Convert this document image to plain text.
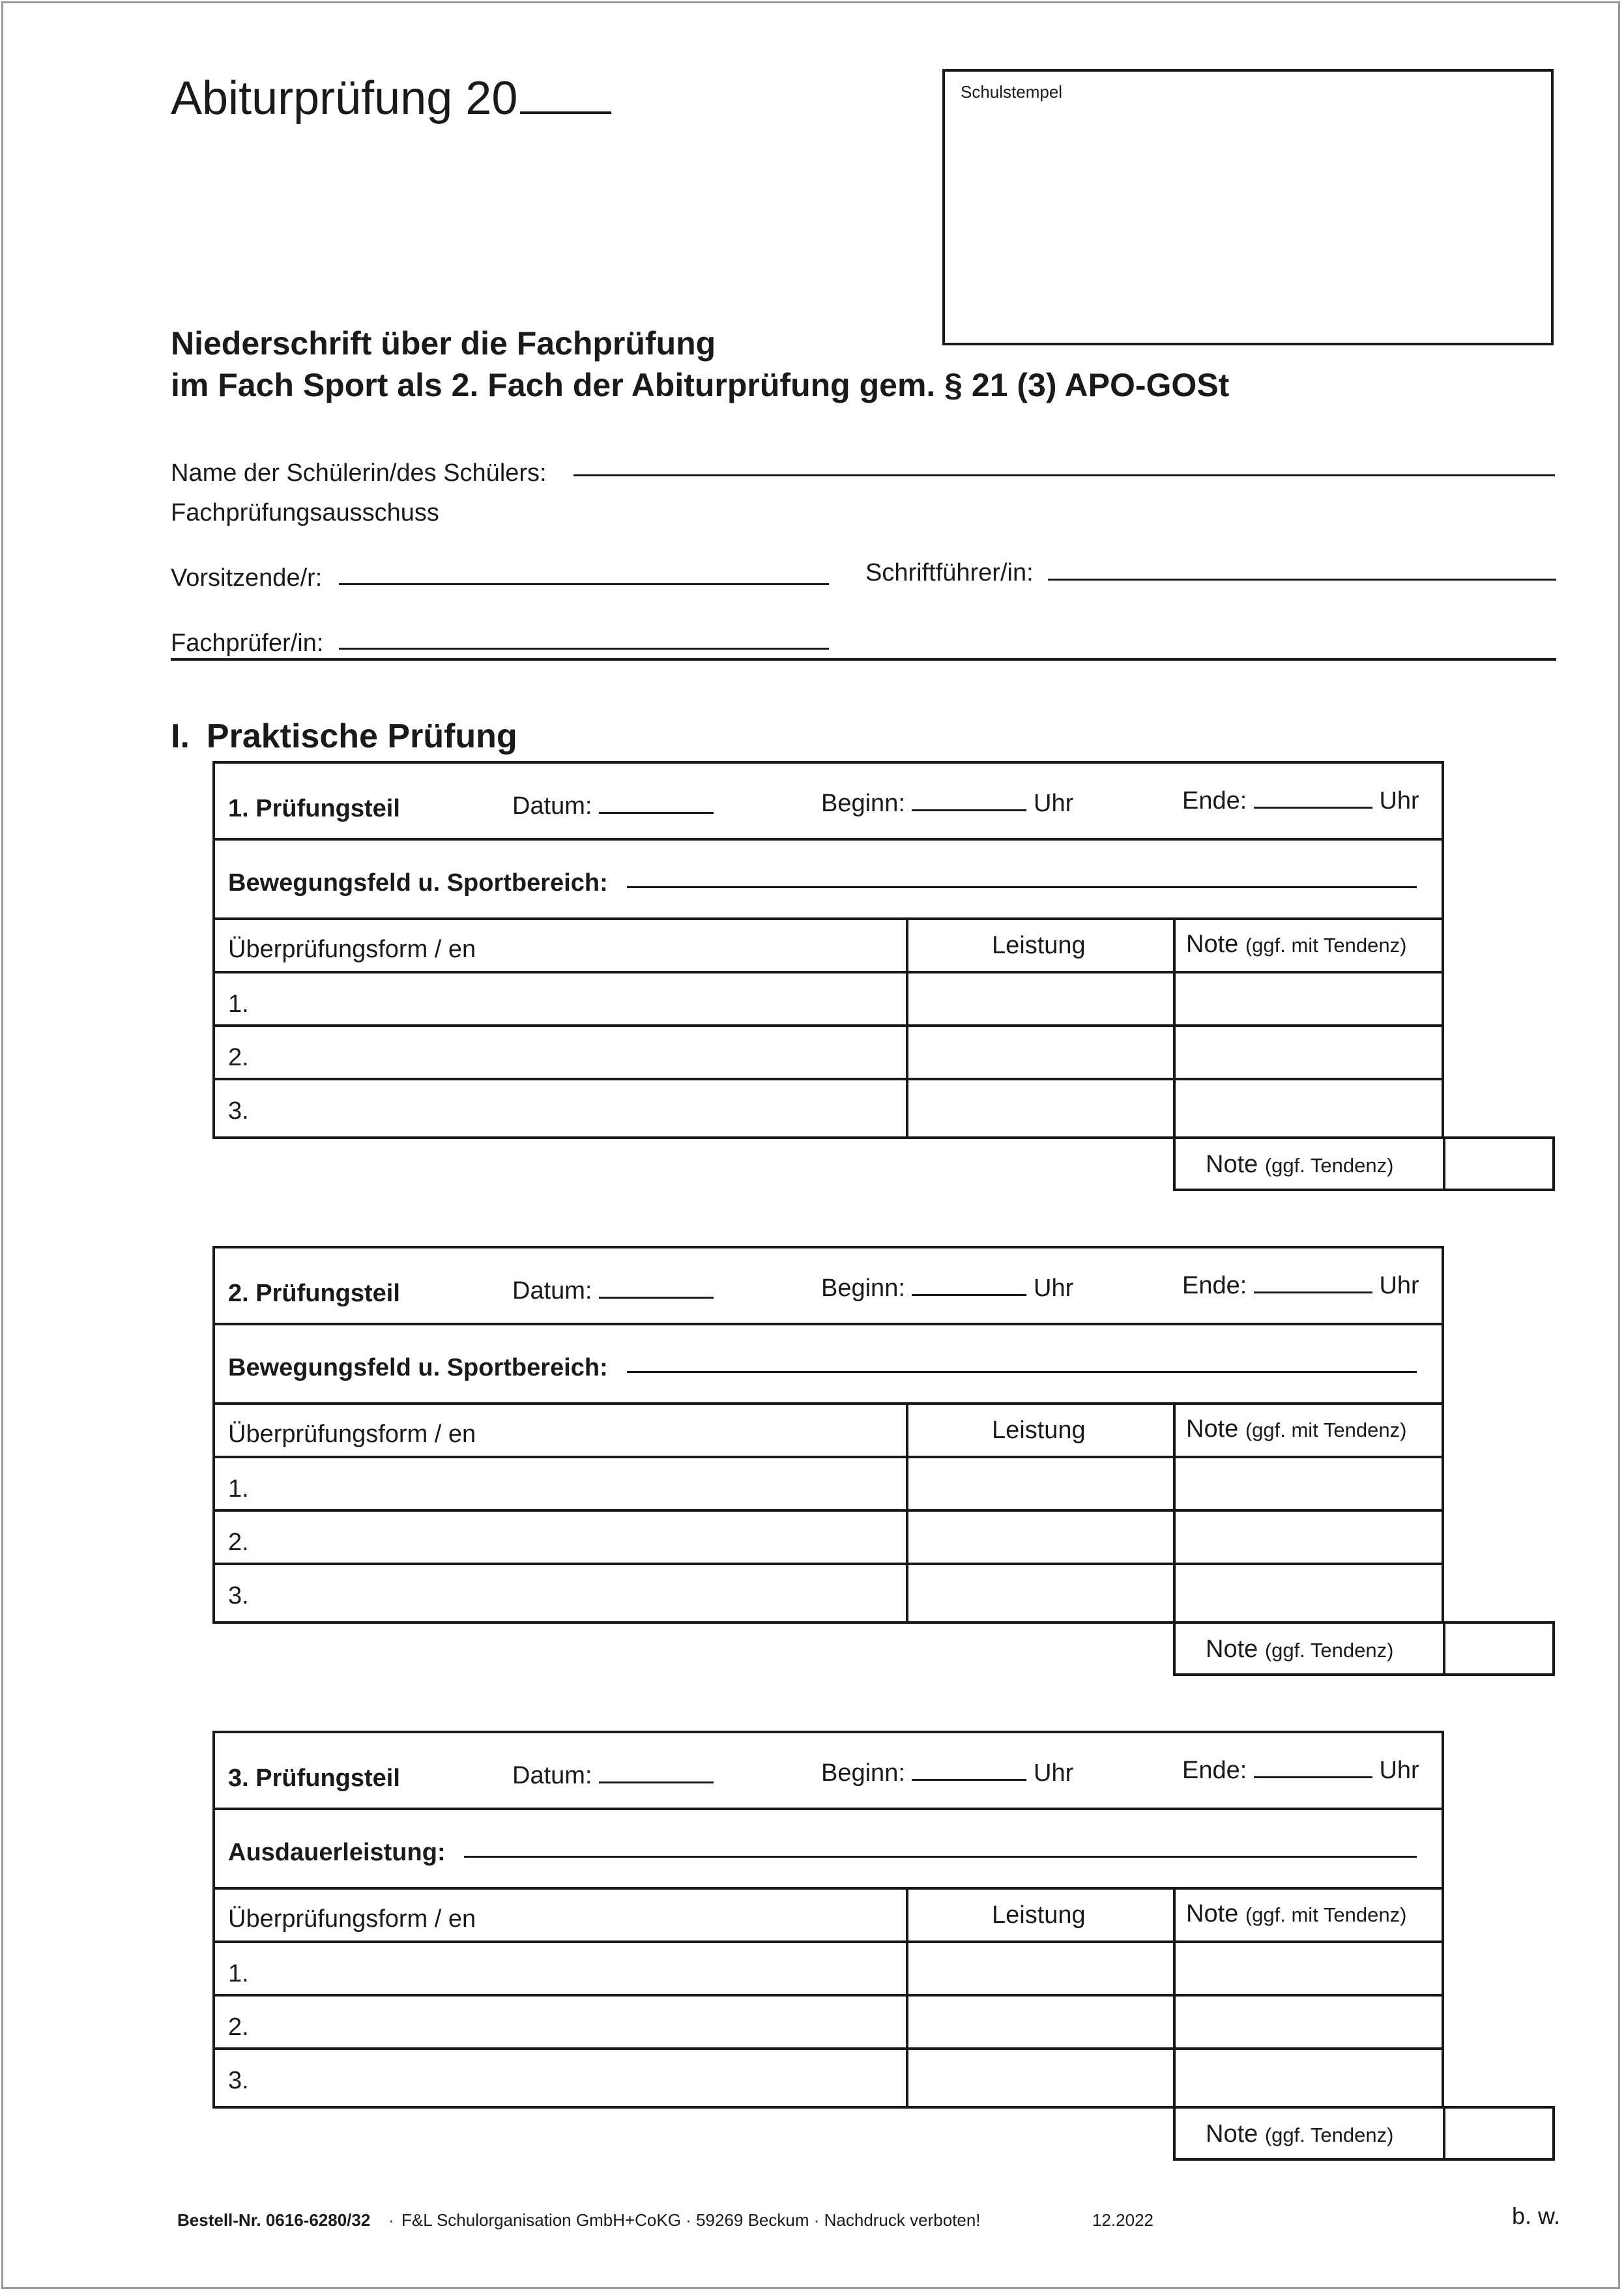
Abiturprüfung 20	Schulstempel
Niederschrift über die Fachprüfung
im Fach Sport als 2. Fach der Abiturprüfung gem. § 21 (3) APO-GOSt
Name der Schülerin/des Schülers:
Fachprüfungsausschuss
Vorsitzende/r:	Schriftführer/in:
Fachprüfer/in:
I. Praktische Prüfung
1. Prüfungsteil	Datum:	Beginn:	Uhr	Ende:	Uhr
Bewegungsfeld u. Sportbereich:
Überprüfungsform / en	Leistung	Note (ggf. mit Tendenz)
1.
2.
3.
Note (ggf. Tendenz)
2. Prüfungsteil	Datum:	Beginn:	Uhr	Ende:	Uhr
Bewegungsfeld u. Sportbereich:
Überprüfungsform / en	Leistung	Note (ggf. mit Tendenz)
1.
2.
3.
Note (ggf. Tendenz)
3. Prüfungsteil	Datum:	Beginn:	Uhr	Ende:	Uhr
Ausdauerleistung:
Überprüfungsform / en	Leistung	Note (ggf. mit Tendenz)
1.
2.
3.
Note (ggf. Tendenz)
Bestell-Nr. 0616-6280/32 · F&L Schulorganisation GmbH+CoKG · 59269 Beckum · Nachdruck verboten!	12.2022	b. w.
